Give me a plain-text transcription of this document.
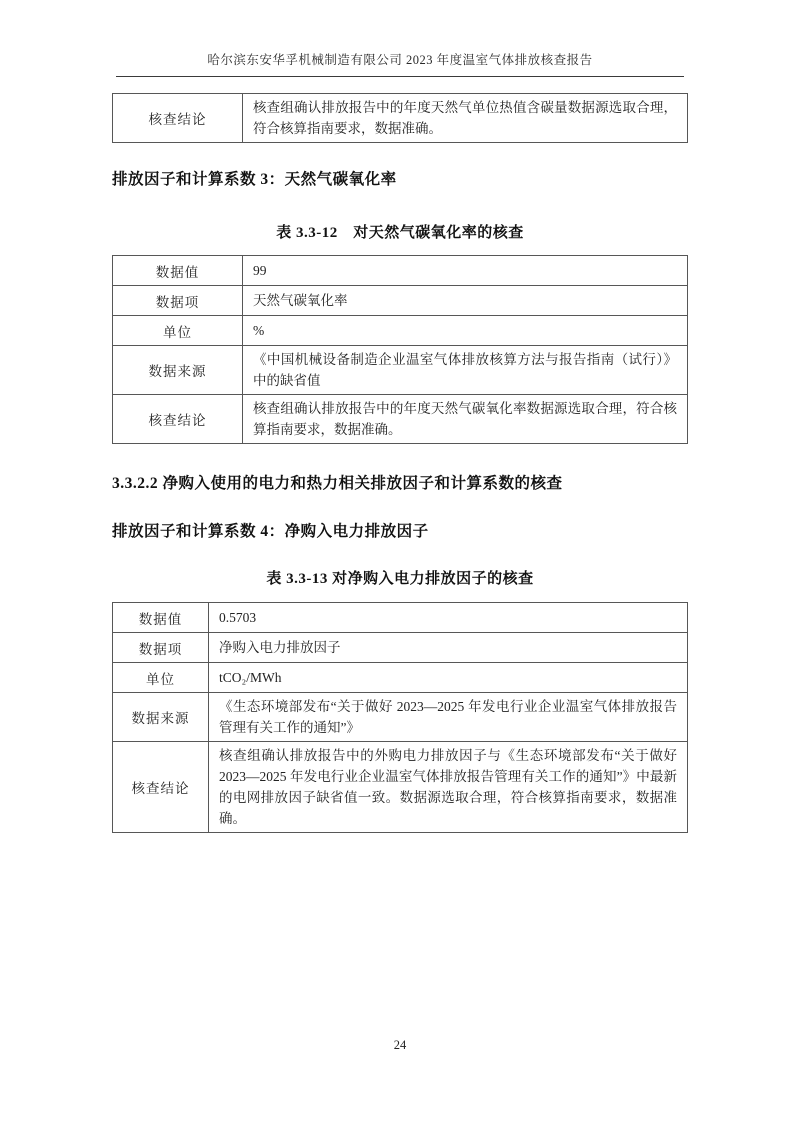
哈尔滨东安华孚机械制造有限公司 2023 年度温室气体排放核查报告
核查结论	核查组确认排放报告中的年度天然气单位热值含碳量数据源选取合理，符合核算指南要求，数据准确。
排放因子和计算系数 3：天然气碳氧化率
表 3.3-12　对天然气碳氧化率的核查
数据值	99
数据项	天然气碳氧化率
单位	%
数据来源	《中国机械设备制造企业温室气体排放核算方法与报告指南（试行）》中的缺省值
核查结论	核查组确认排放报告中的年度天然气碳氧化率数据源选取合理，符合核算指南要求，数据准确。
3.3.2.2 净购入使用的电力和热力相关排放因子和计算系数的核查
排放因子和计算系数 4：净购入电力排放因子
表 3.3-13 对净购入电力排放因子的核查
数据值	0.5703
数据项	净购入电力排放因子
单位	tCO₂/MWh
数据来源	《生态环境部发布“关于做好 2023—2025 年发电行业企业温室气体排放报告管理有关工作的通知”》
核查结论	核查组确认排放报告中的外购电力排放因子与《生态环境部发布“关于做好 2023—2025 年发电行业企业温室气体排放报告管理有关工作的通知”》中最新的电网排放因子缺省值一致。数据源选取合理，符合核算指南要求，数据准确。
24
